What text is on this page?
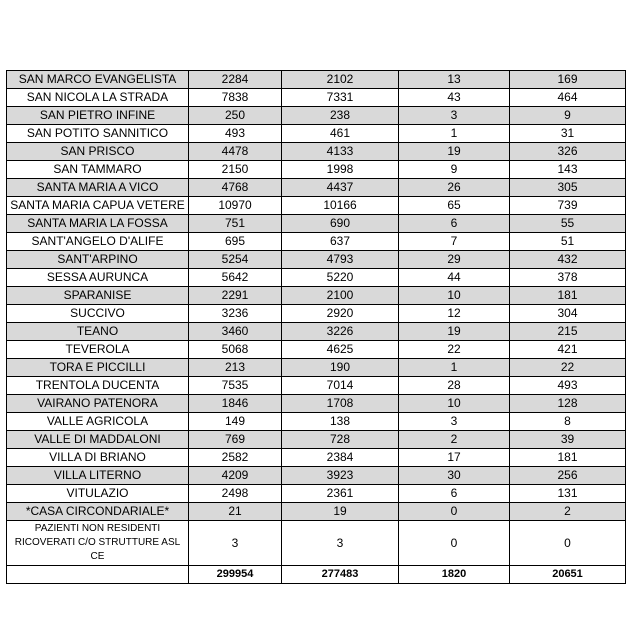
SAN MARCO EVANGELISTA	2284	2102	13	169
SAN NICOLA LA STRADA	7838	7331	43	464
SAN PIETRO INFINE	250	238	3	9
SAN POTITO SANNITICO	493	461	1	31
SAN PRISCO	4478	4133	19	326
SAN TAMMARO	2150	1998	9	143
SANTA MARIA A VICO	4768	4437	26	305
SANTA MARIA CAPUA VETERE	10970	10166	65	739
SANTA MARIA LA FOSSA	751	690	6	55
SANT'ANGELO D'ALIFE	695	637	7	51
SANT'ARPINO	5254	4793	29	432
SESSA AURUNCA	5642	5220	44	378
SPARANISE	2291	2100	10	181
SUCCIVO	3236	2920	12	304
TEANO	3460	3226	19	215
TEVEROLA	5068	4625	22	421
TORA E PICCILLI	213	190	1	22
TRENTOLA DUCENTA	7535	7014	28	493
VAIRANO PATENORA	1846	1708	10	128
VALLE AGRICOLA	149	138	3	8
VALLE DI MADDALONI	769	728	2	39
VILLA DI BRIANO	2582	2384	17	181
VILLA LITERNO	4209	3923	30	256
VITULAZIO	2498	2361	6	131
*CASA CIRCONDARIALE*	21	19	0	2
PAZIENTI NON RESIDENTI RICOVERATI C/O STRUTTURE ASL CE	3	3	0	0
	299954	277483	1820	20651
